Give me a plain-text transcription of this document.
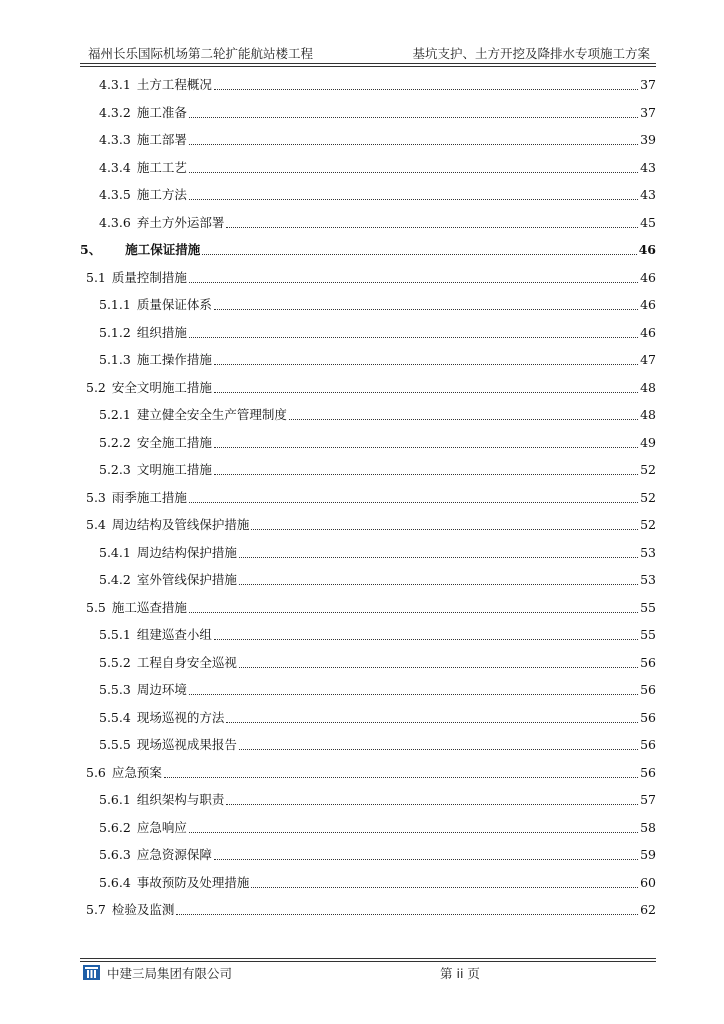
福州长乐国际机场第二轮扩能航站楼工程	基坑支护、土方开挖及降排水专项施工方案
4.3.1 土方工程概况	37
4.3.2 施工准备	37
4.3.3 施工部署	39
4.3.4 施工工艺	43
4.3.5 施工方法	43
4.3.6 弃土方外运部署	45
5、 施工保证措施	46
5.1 质量控制措施	46
5.1.1 质量保证体系	46
5.1.2 组织措施	46
5.1.3 施工操作措施	47
5.2 安全文明施工措施	48
5.2.1 建立健全安全生产管理制度	48
5.2.2 安全施工措施	49
5.2.3 文明施工措施	52
5.3 雨季施工措施	52
5.4 周边结构及管线保护措施	52
5.4.1 周边结构保护措施	53
5.4.2 室外管线保护措施	53
5.5 施工巡查措施	55
5.5.1 组建巡查小组	55
5.5.2 工程自身安全巡视	56
5.5.3 周边环境	56
5.5.4 现场巡视的方法	56
5.5.5 现场巡视成果报告	56
5.6 应急预案	56
5.6.1 组织架构与职责	57
5.6.2 应急响应	58
5.6.3 应急资源保障	59
5.6.4 事故预防及处理措施	60
5.7 检验及监测	62
中建三局集团有限公司	第 ii 页
